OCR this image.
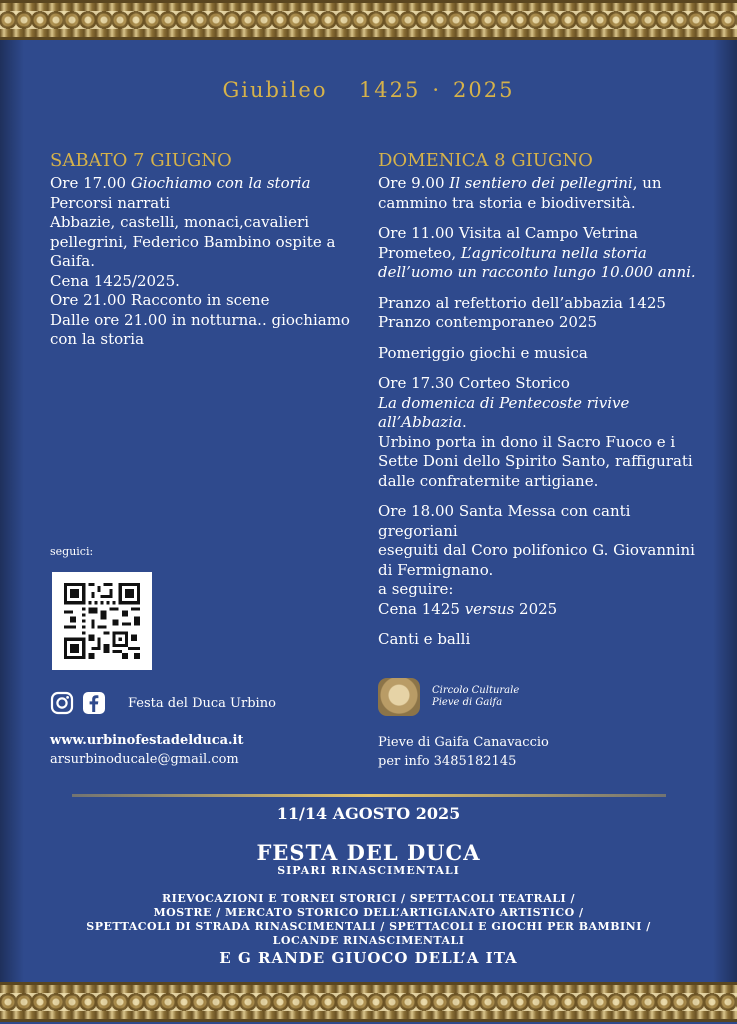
Giubileo 1425 · 2025
SABATO 7 GIUGNO
Ore 17.00 Giochiamo con la storia
Percorsi narrati
Abbazie, castelli, monaci,cavalieri
pellegrini, Federico Bambino ospite a
Gaifa.
Cena 1425/2025.
Ore 21.00 Racconto in scene
Dalle ore 21.00 in notturna.. giochiamo
con la storia
DOMENICA 8 GIUGNO
Ore 9.00 Il sentiero dei pellegrini, un
cammino tra storia e biodiversità.
Ore 11.00 Visita al Campo Vetrina
Prometeo, L’agricoltura nella storia
dell’uomo un racconto lungo 10.000 anni.
Pranzo al refettorio dell’abbazia 1425
Pranzo contemporaneo 2025
Pomeriggio giochi e musica
Ore 17.30 Corteo Storico
La domenica di Pentecoste rivive
all’Abbazia.
Urbino porta in dono il Sacro Fuoco e i
Sette Doni dello Spirito Santo, raffigurati
dalle confraternite artigiane.
Ore 18.00 Santa Messa con canti gregoriani
eseguiti dal Coro polifonico G. Giovannini
di Fermignano.
a seguire:
Cena 1425 versus 2025
Canti e balli
seguici:
Festa del Duca Urbino
www.urbinofestadelduca.it
arsurbinoducale@gmail.com
Circolo Culturale
Pieve di Gaifa
Pieve di Gaifa Canavaccio
per info 3485182145
11/14 AGOSTO 2025
FESTA DEL DUCA
SIPARI RINASCIMENTALI
RIEVOCAZIONI E TORNEI STORICI / SPETTACOLI TEATRALI /
MOSTRE / MERCATO STORICO DELL’ARTIGIANATO ARTISTICO /
SPETTACOLI DI STRADA RINASCIMENTALI / SPETTACOLI E GIOCHI PER BAMBINI /
LOCANDE RINASCIMENTALI
E G RANDE GIUOCO DELL’A ITA
